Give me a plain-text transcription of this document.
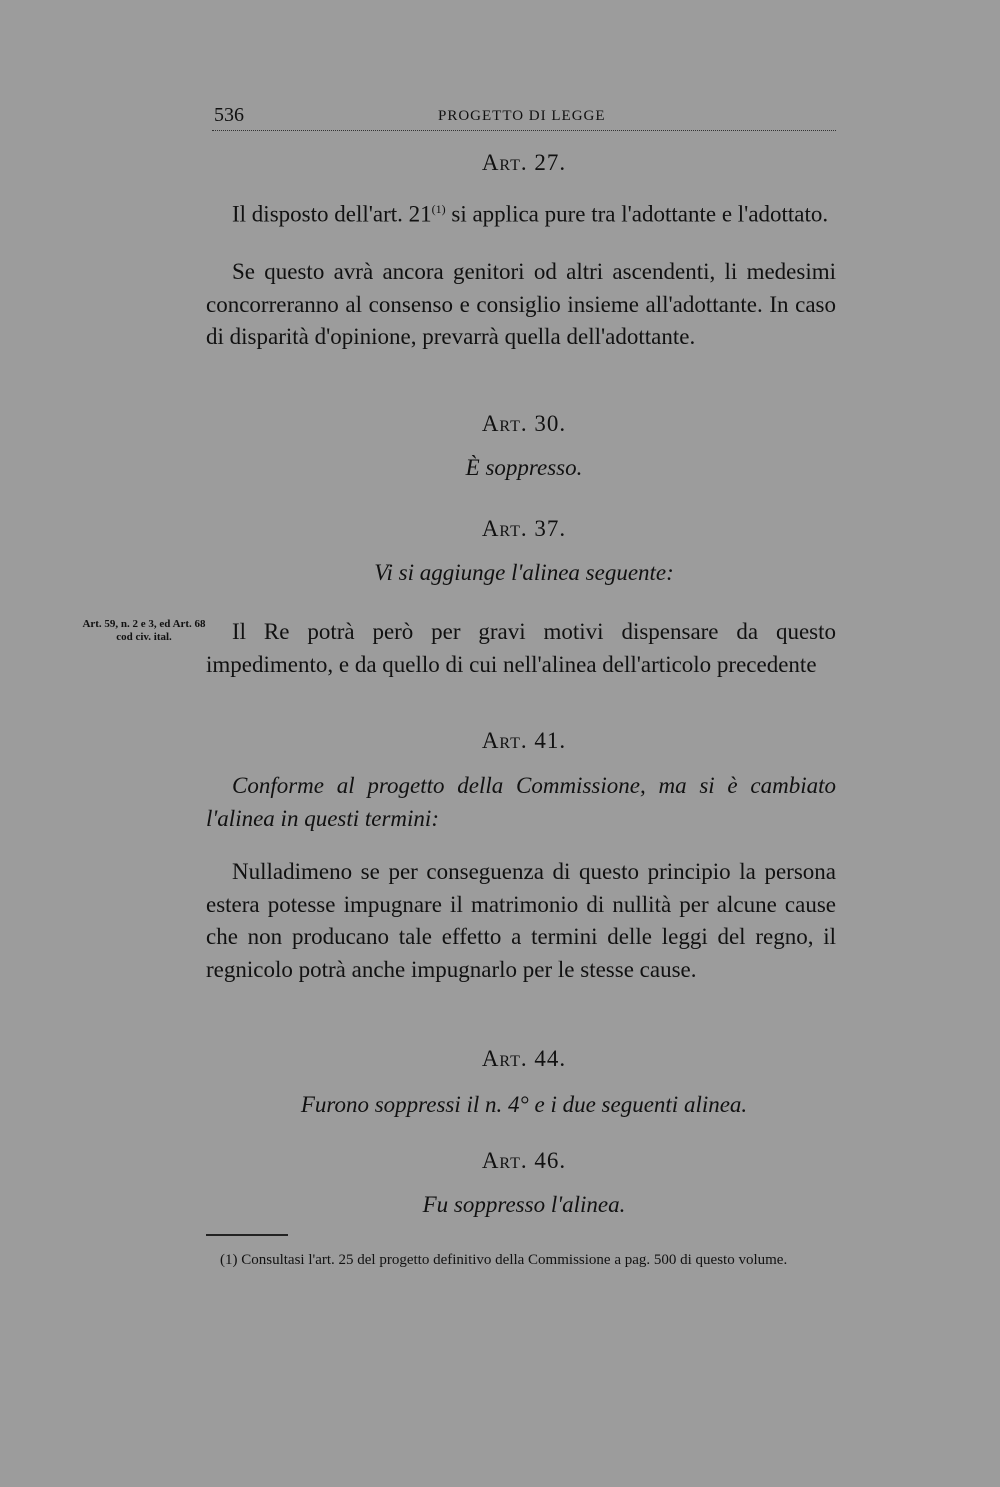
536	PROGETTO DI LEGGE
Art. 27.

Il disposto dell'art. 21$^{(1)}$ si applica pure tra l'adottante e l'adottato.

Se questo avrà ancora genitori od altri ascendenti, li medesimi concorreranno al consenso e consiglio insieme all'adottante. In caso di disparità d'opinione, prevarrà quella dell'adottante.

Art. 30.
È soppresso.
Art. 37.
Vi si aggiunge l'alinea seguente:
Art. 59, n. 2 e 3, ed Art. 68 cod civ. ital.	Il Re potrà però per gravi motivi dispensare da questo impedimento, e da quello di cui nell'alinea dell'articolo precedente

Art. 41.

Conforme al progetto della Commissione, ma si è cambiato l'alinea in questi termini:

Nulladimeno se per conseguenza di questo principio la persona estera potesse impugnare il matrimonio di nullità per alcune cause che non producano tale effetto a termini delle leggi del regno, il regnicolo potrà anche impugnarlo per le stesse cause.

Art. 44.
Furono soppressi il n. 4° e i due seguenti alinea.
Art. 46.
Fu soppresso l'alinea.

(1) Consultasi l'art. 25 del progetto definitivo della Commissione a pag. 500 di questo volume.
